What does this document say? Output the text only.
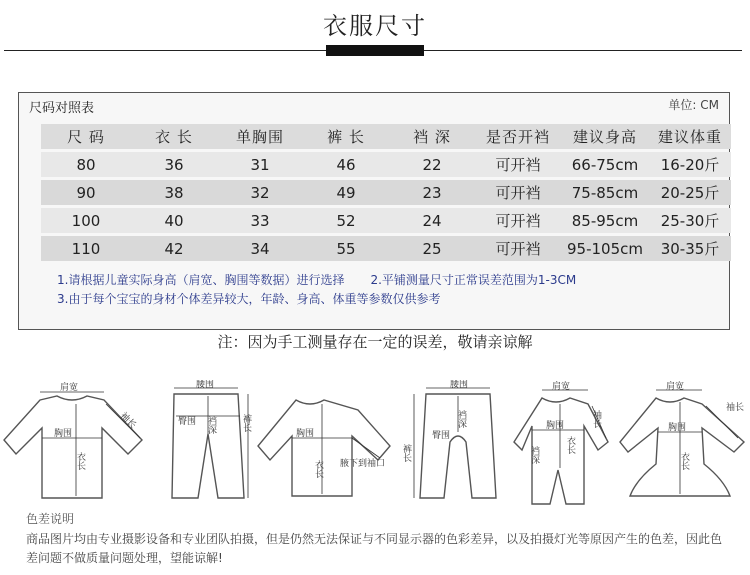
衣服尺寸
尺码对照表	单位: CM
尺 码	衣 长	单胸围	裤 长	裆 深	是否开裆	建议身高	建议体重
80	36	31	46	22	可开裆	66-75cm	16-20斤
90	38	32	49	23	可开裆	75-85cm	20-25斤
100	40	33	52	24	可开裆	85-95cm	25-30斤
110	42	34	55	25	可开裆	95-105cm	30-35斤
1.请根据儿童实际身高（肩宽、胸围等数据）进行选择 2.平铺测量尺寸正常误差范围为1-3CM
3.由于每个宝宝的身材个体差异较大，年龄、身高、体重等参数仅供参考
注：因为手工测量存在一定的误差，敬请亲谅解
肩宽
袖长
胸围
衣长
腰围
臀围 裆深	裤长
胸围
衣长 腋下到袖口
腰围
裆深
臀围
裤长
肩宽
胸围	袖长
衣长
裆深
肩宽
袖长
胸围
衣长
色差说明
商品图片均由专业摄影设备和专业团队拍摄，但是仍然无法保证与不同显示器的色彩差异，以及拍摄灯光等原因产生的色差，因此色差问题不做质量问题处理，望能谅解!
